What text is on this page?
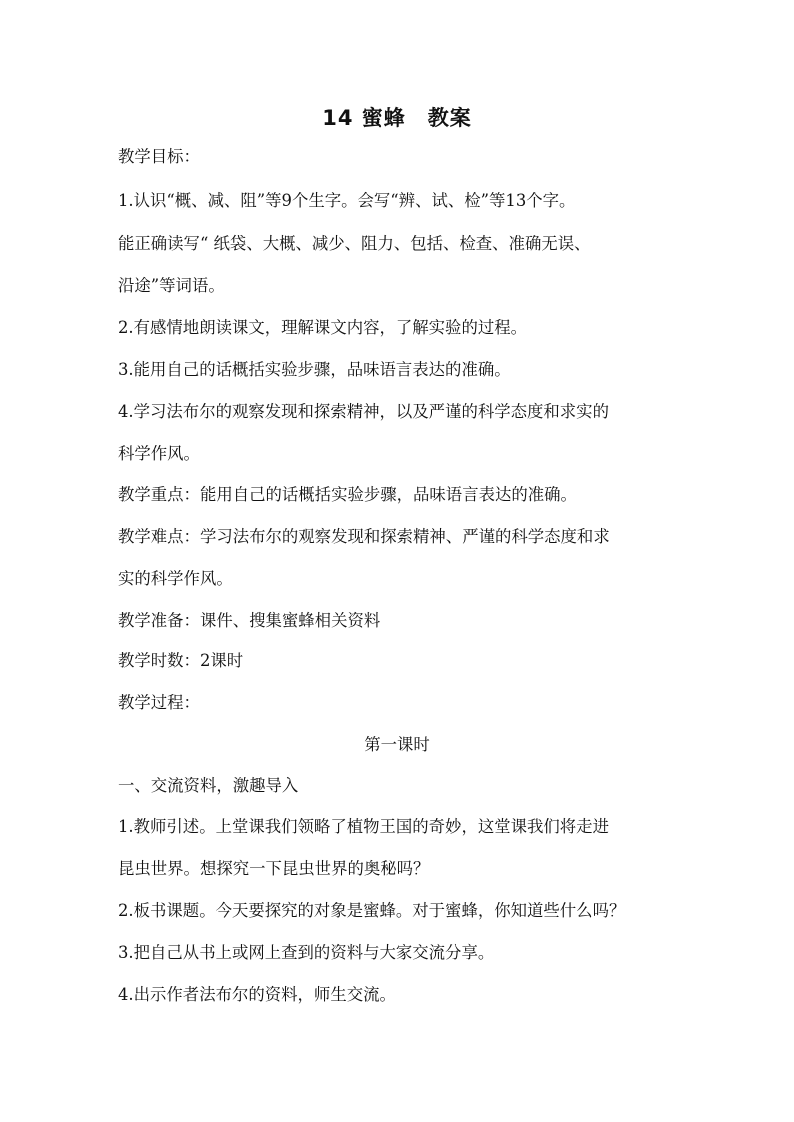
14 蜜蜂　教案
教学目标：
1.认识“概、减、阻”等9个生字。会写“辨、试、检”等13个字。
能正确读写“ 纸袋、大概、减少、阻力、包括、检查、准确无误、
沿途”等词语。
2.有感情地朗读课文，理解课文内容，了解实验的过程。
3.能用自己的话概括实验步骤，品味语言表达的准确。
4.学习法布尔的观察发现和探索精神，以及严谨的科学态度和求实的
科学作风。
教学重点：能用自己的话概括实验步骤，品味语言表达的准确。
教学难点：学习法布尔的观察发现和探索精神、严谨的科学态度和求
实的科学作风。
教学准备：课件、搜集蜜蜂相关资料
教学时数：2课时
教学过程：
第一课时
一、交流资料，激趣导入
1.教师引述。上堂课我们领略了植物王国的奇妙，这堂课我们将走进
昆虫世界。想探究一下昆虫世界的奥秘吗？
2.板书课题。今天要探究的对象是蜜蜂。对于蜜蜂，你知道些什么吗？
3.把自己从书上或网上查到的资料与大家交流分享。
4.出示作者法布尔的资料，师生交流。
